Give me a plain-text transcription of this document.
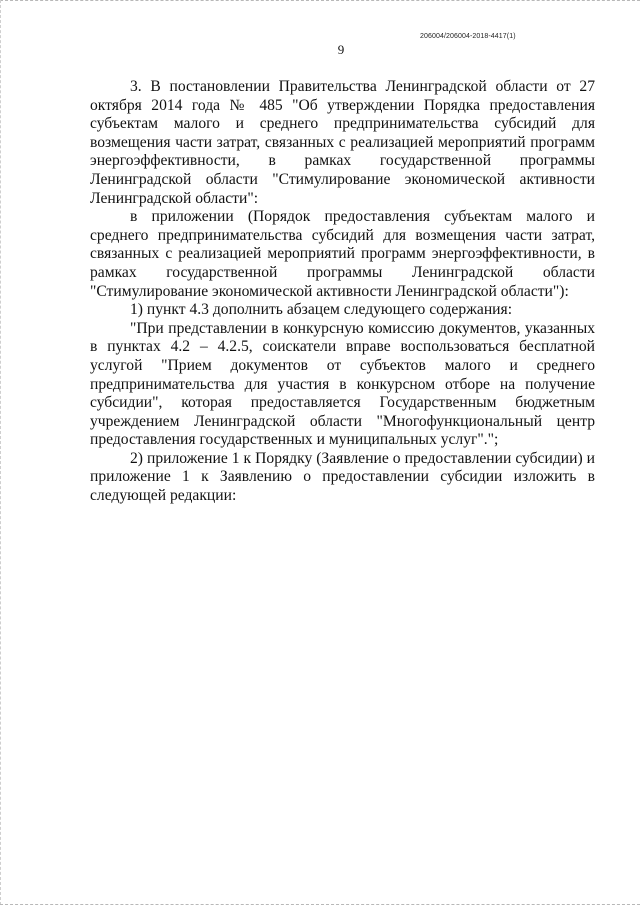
206004/206004-2018-4417(1)
9

3. В постановлении Правительства Ленинградской области от 27 октября 2014 года № 485 "Об утверждении Порядка предоставления субъектам малого и среднего предпринимательства субсидий для возмещения части затрат, связанных с реализацией мероприятий программ энергоэффективности, в рамках государственной программы Ленинградской области "Стимулирование экономической активности Ленинградской области":

в приложении (Порядок предоставления субъектам малого и среднего предпринимательства субсидий для возмещения части затрат, связанных с реализацией мероприятий программ энергоэффективности, в рамках государственной программы Ленинградской области "Стимулирование экономической активности Ленинградской области"):

1) пункт 4.3 дополнить абзацем следующего содержания:

"При представлении в конкурсную комиссию документов, указанных в пунктах 4.2 – 4.2.5, соискатели вправе воспользоваться бесплатной услугой "Прием документов от субъектов малого и среднего предпринимательства для участия в конкурсном отборе на получение субсидии", которая предоставляется Государственным бюджетным учреждением Ленинградской области "Многофункциональный центр предоставления государственных и муниципальных услуг".";

2) приложение 1 к Порядку (Заявление о предоставлении субсидии) и приложение 1 к Заявлению о предоставлении субсидии изложить в следующей редакции:
